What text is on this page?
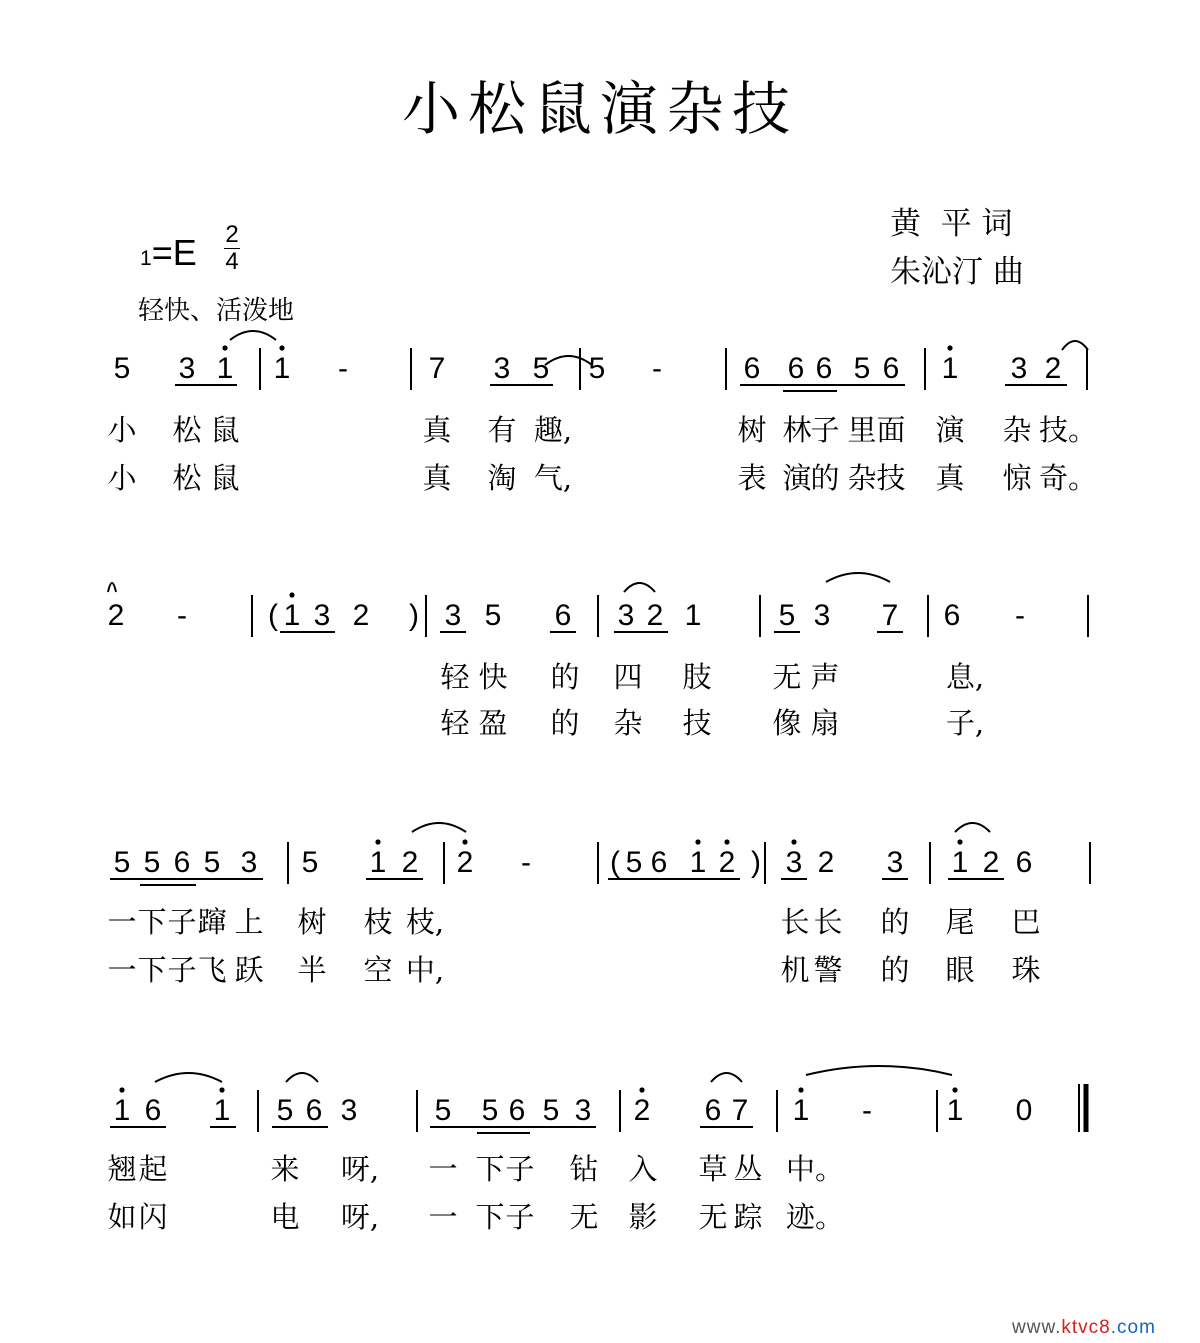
小松鼠演杂技
黄  平 词
朱沁汀 曲
1=E 2
4
轻快、活泼地
5 3 1 1 -	7 3 5 5 -	6 6 6 5 6 1 3 2
小 松 鼠	真 有 趣,	树 林
子 里 面 演 杂 技。
小 松 鼠	真 淘 气,	表 演
的 杂 技 真 惊 奇。
2 -	( 1 3 2 ) 3 5 6 3 2 1	5 3 7 6 -
轻 快 的 四 肢 无 声	息,
轻 盈 的 杂 技 像 扇	子,
5 5 6 5 3 5 1 2 2 -	( 5 6 1 2 ) 3 2 3 1 2 6
一 下 子 蹿 上 树 枝 枝,	长 长 的 尾 巴
一 下 子 飞 跃 半 空 中,	机 警 的 眼 珠
1 6 1 5 6 3	5 5 6 5 3 2 6 7 1 - 1 0
翘 起	来 呀, 一 下 子 钻 入 草 丛 中。
如 闪	电 呀, 一 下 子 无 影 无 踪 迹。
www.ktvc8.com
